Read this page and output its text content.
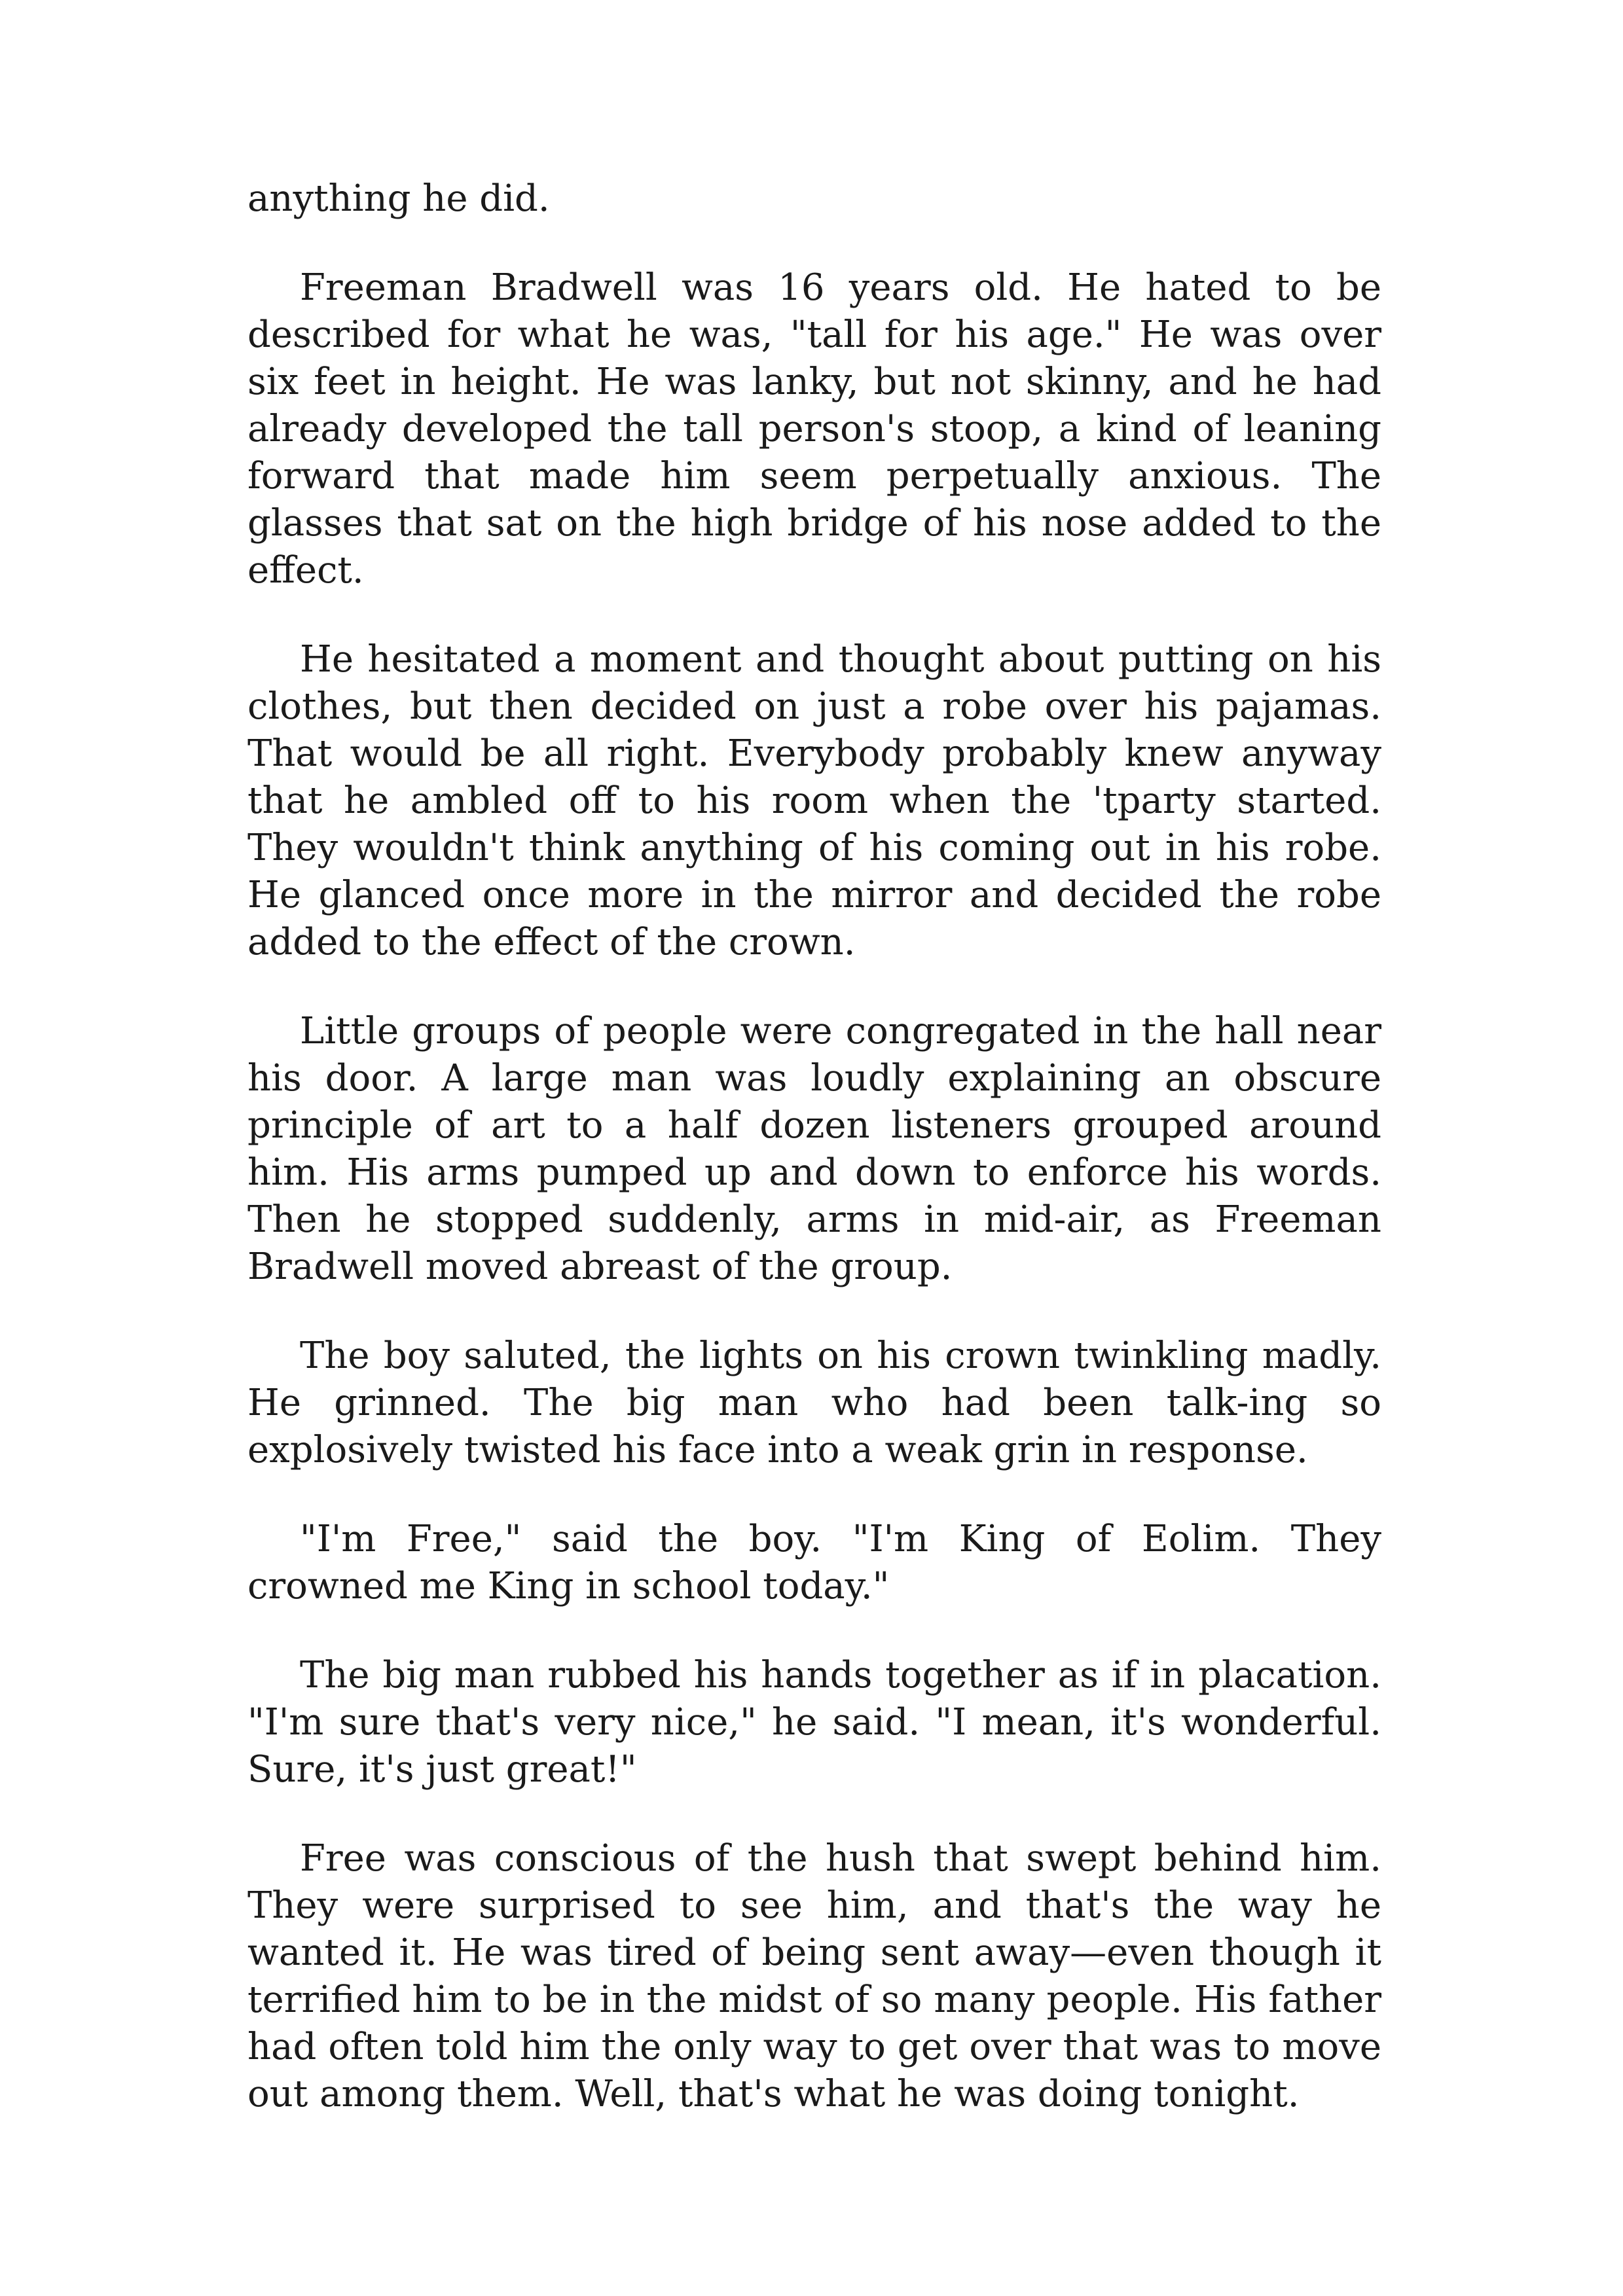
anything he did.

Freeman Bradwell was 16 years old. He hated to be described for what he was, "tall for his age." He was over six feet in height. He was lanky, but not skinny, and he had already developed the tall person's stoop, a kind of leaning forward that made him seem perpetually anxious. The glasses that sat on the high bridge of his nose added to the effect.

He hesitated a moment and thought about putting on his clothes, but then decided on just a robe over his pajamas. That would be all right. Everybody probably knew anyway that he ambled off to his room when the 'tparty started. They wouldn't think anything of his coming out in his robe. He glanced once more in the mirror and decided the robe added to the effect of the crown.

Little groups of people were congregated in the hall near his door. A large man was loudly explaining an obscure principle of art to a half dozen listeners grouped around him. His arms pumped up and down to enforce his words. Then he stopped suddenly, arms in mid-air, as Freeman Bradwell moved abreast of the group.

The boy saluted, the lights on his crown twinkling madly. He grinned. The big man who had been talk-ing so explosively twisted his face into a weak grin in response.

"I'm Free," said the boy. "I'm King of Eolim. They crowned me King in school today."

The big man rubbed his hands together as if in placation. "I'm sure that's very nice," he said. "I mean, it's wonderful. Sure, it's just great!"

Free was conscious of the hush that swept behind him. They were surprised to see him, and that's the way he wanted it. He was tired of being sent away—even though it terrified him to be in the midst of so many people. His father had often told him the only way to get over that was to move out among them. Well, that's what he was doing tonight.
